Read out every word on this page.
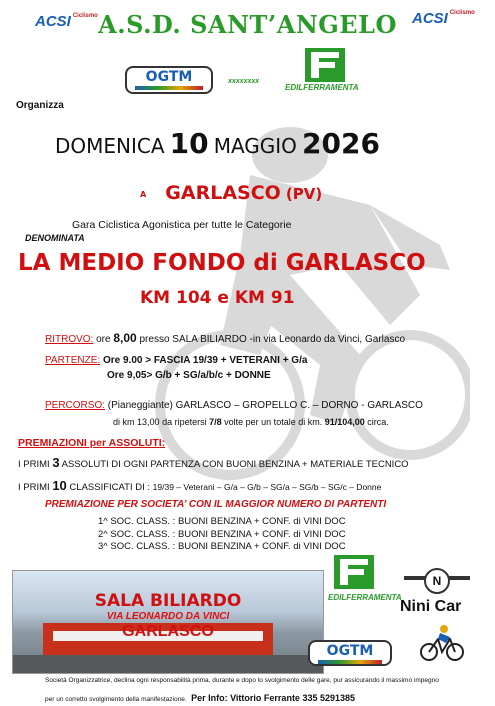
ACSI $^{Ciclismo}$ A.S.D. SANT’ANGELO	ACSI $^{Ciclismo}$
OGTM	xxxxxxxx
EDILFERRAMENTA
Organizza
DOMENICA 10 MAGGIO 2026
A GARLASCO (PV)
Gara Ciclistica Agonistica per tutte le Categorie
DENOMINATA
LA MEDIO FONDO di GARLASCO
KM 104 e KM 91
RITROVO: ore 8,00 presso SALA BILIARDO -in via Leonardo da Vinci, Garlasco
PARTENZE: Ore 9.00 > FASCIA 19/39 + VETERANI + G/a
Ore 9,05> G/b + SG/a/b/c + DONNE
PERCORSO: (Pianeggiante) GARLASCO – GROPELLO C. – DORNO - GARLASCO
di km 13,00 da ripetersi 7/8 volte per un totale di km. 91/104,00 circa.
PREMIAZIONI per ASSOLUTI:
I PRIMI 3 ASSOLUTI DI OGNI PARTENZA CON BUONI BENZINA + MATERIALE TECNICO
I PRIMI 10 CLASSIFICATI DI : 19/39 – Veterani – G/a – G/b – SG/a – SG/b – SG/c – Donne
PREMIAZIONE PER SOCIETA’ CON IL MAGGIOR NUMERO DI PARTENTI
1^ SOC. CLASS. : BUONI BENZINA + CONF. di VINI DOC
2^ SOC. CLASS. : BUONI BENZINA + CONF. di VINI DOC
3^ SOC. CLASS. : BUONI BENZINA + CONF. di VINI DOC
SALA BILIARDO
VIA LEONARDO DA VINCI
GARLASCO
EDILFERRAMENTA
N
Nini Car
OGTM
Società Organizzatrice, declina ogni responsabilità prima, durante e dopo lo svolgimento delle gare, pur assicurando il massimo impegno
per un corretto svolgimento della manifestazione. Per Info: Vittorio Ferrante 335 5291385
